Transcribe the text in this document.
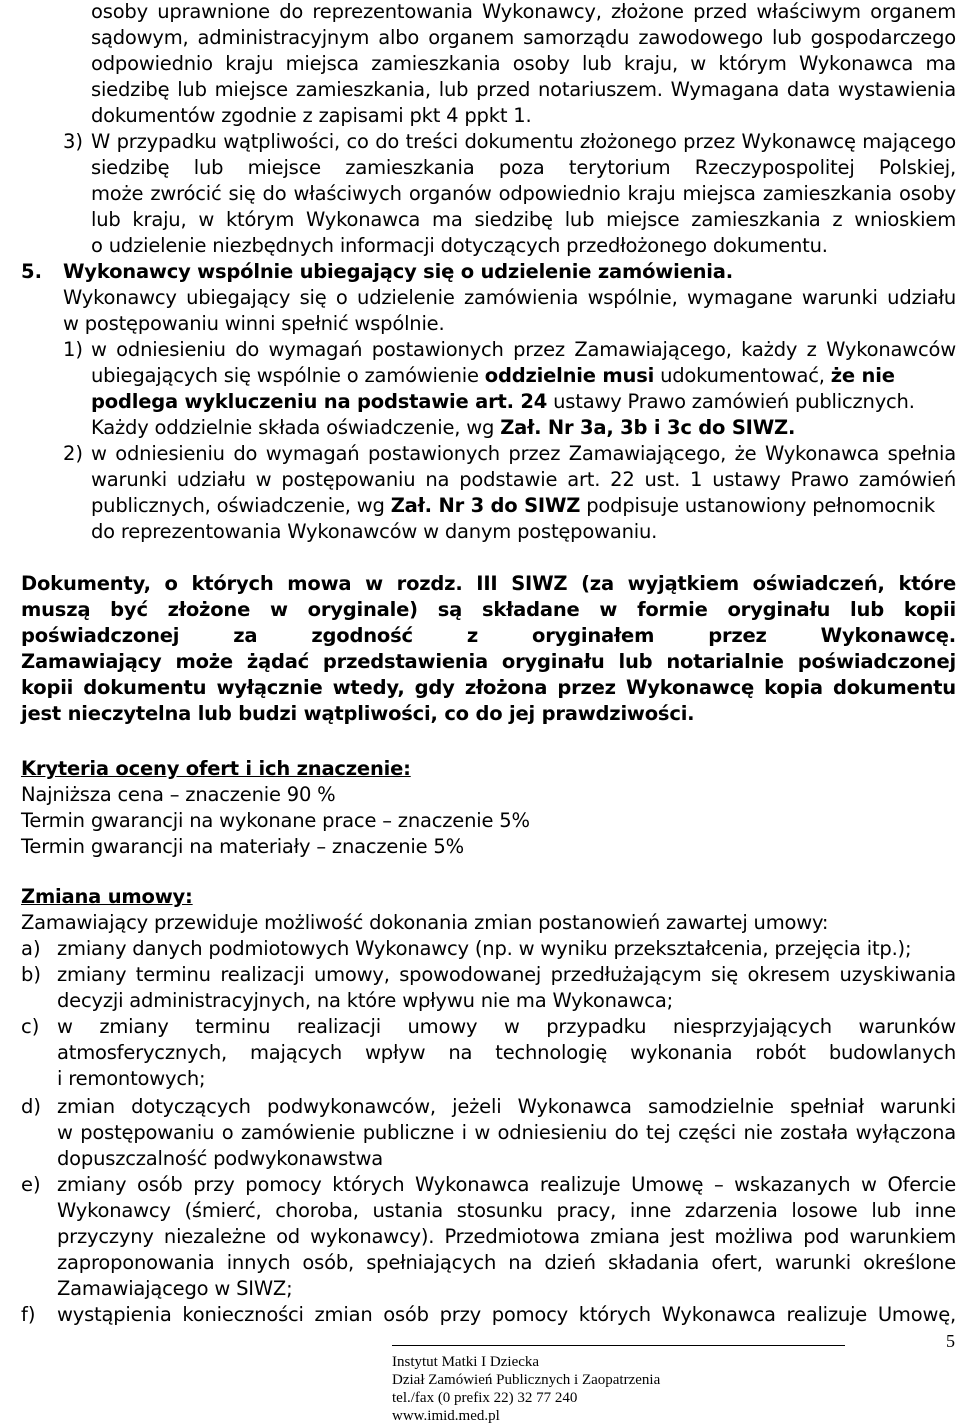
osoby uprawnione do reprezentowania Wykonawcy, złożone przed właściwym organem
sądowym, administracyjnym albo organem samorządu zawodowego lub gospodarczego
odpowiednio kraju miejsca zamieszkania osoby lub kraju, w którym Wykonawca ma
siedzibę lub miejsce zamieszkania, lub przed notariuszem. Wymagana data wystawienia
dokumentów zgodnie z zapisami pkt 4 ppkt 1.
3) W przypadku wątpliwości, co do treści dokumentu złożonego przez Wykonawcę mającego
siedzibę lub miejsce zamieszkania poza terytorium Rzeczypospolitej Polskiej,
może zwrócić się do właściwych organów odpowiednio kraju miejsca zamieszkania osoby
lub kraju, w którym Wykonawca ma siedzibę lub miejsce zamieszkania z wnioskiem
o udzielenie niezbędnych informacji dotyczących przedłożonego dokumentu.
5. Wykonawcy wspólnie ubiegający się o udzielenie zamówienia.
Wykonawcy ubiegający się o udzielenie zamówienia wspólnie, wymagane warunki udziału
w postępowaniu winni spełnić wspólnie.
1) w odniesieniu do wymagań postawionych przez Zamawiającego, każdy z Wykonawców
ubiegających się wspólnie o zamówienie oddzielnie musi udokumentować, że nie
podlega wykluczeniu na podstawie art. 24 ustawy Prawo zamówień publicznych.
Każdy oddzielnie składa oświadczenie, wg Zał. Nr 3a, 3b i 3c do SIWZ.
2) w odniesieniu do wymagań postawionych przez Zamawiającego, że Wykonawca spełnia
warunki udziału w postępowaniu na podstawie art. 22 ust. 1 ustawy Prawo zamówień
publicznych, oświadczenie, wg Zał. Nr 3 do SIWZ podpisuje ustanowiony pełnomocnik
do reprezentowania Wykonawców w danym postępowaniu.
Dokumenty, o których mowa w rozdz. III SIWZ (za wyjątkiem oświadczeń, które
muszą być złożone w oryginale) są składane w formie oryginału lub kopii
poświadczonej za zgodność z oryginałem przez Wykonawcę.
Zamawiający może żądać przedstawienia oryginału lub notarialnie poświadczonej
kopii dokumentu wyłącznie wtedy, gdy złożona przez Wykonawcę kopia dokumentu
jest nieczytelna lub budzi wątpliwości, co do jej prawdziwości.
Kryteria oceny ofert i ich znaczenie:
Najniższa cena – znaczenie 90 %
Termin gwarancji na wykonane prace – znaczenie 5%
Termin gwarancji na materiały – znaczenie 5%
Zmiana umowy:
Zamawiający przewiduje możliwość dokonania zmian postanowień zawartej umowy:
a) zmiany danych podmiotowych Wykonawcy (np. w wyniku przekształcenia, przejęcia itp.);
b) zmiany terminu realizacji umowy, spowodowanej przedłużającym się okresem uzyskiwania
decyzji administracyjnych, na które wpływu nie ma Wykonawca;
c) w zmiany terminu realizacji umowy w przypadku niesprzyjających warunków
atmosferycznych, mających wpływ na technologię wykonania robót budowlanych
i remontowych;
d) zmian dotyczących podwykonawców, jeżeli Wykonawca samodzielnie spełniał warunki
w postępowaniu o zamówienie publiczne i w odniesieniu do tej części nie została wyłączona
dopuszczalność podwykonawstwa
e) zmiany osób przy pomocy których Wykonawca realizuje Umowę – wskazanych w Ofercie
Wykonawcy (śmierć, choroba, ustania stosunku pracy, inne zdarzenia losowe lub inne
przyczyny niezależne od wykonawcy). Przedmiotowa zmiana jest możliwa pod warunkiem
zaproponowania innych osób, spełniających na dzień składania ofert, warunki określone
Zamawiającego w SIWZ;
f) wystąpienia konieczności zmian osób przy pomocy których Wykonawca realizuje Umowę,
5
Instytut Matki I Dziecka
Dział Zamówień Publicznych i Zaopatrzenia
tel./fax (0 prefix 22) 32 77 240
www.imid.med.pl
